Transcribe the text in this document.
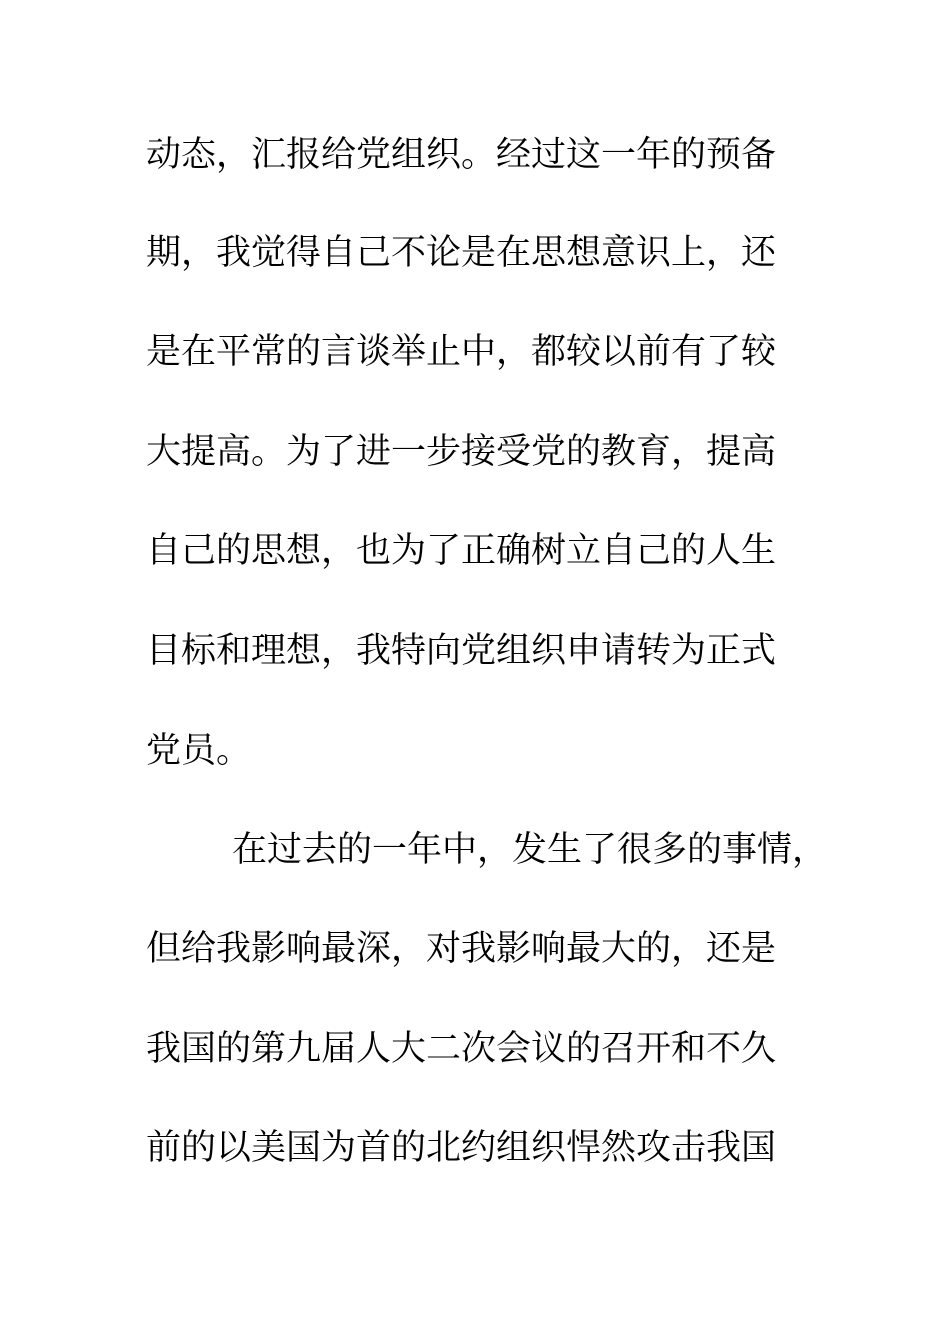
动态，汇报给党组织。经过这一年的预备
期，我觉得自己不论是在思想意识上，还
是在平常的言谈举止中，都较以前有了较
大提高。为了进一步接受党的教育，提高
自己的思想，也为了正确树立自己的人生
目标和理想，我特向党组织申请转为正式
党员。
在过去的一年中，发生了很多的事情，
但给我影响最深，对我影响最大的，还是
我国的第九届人大二次会议的召开和不久
前的以美国为首的北约组织悍然攻击我国
